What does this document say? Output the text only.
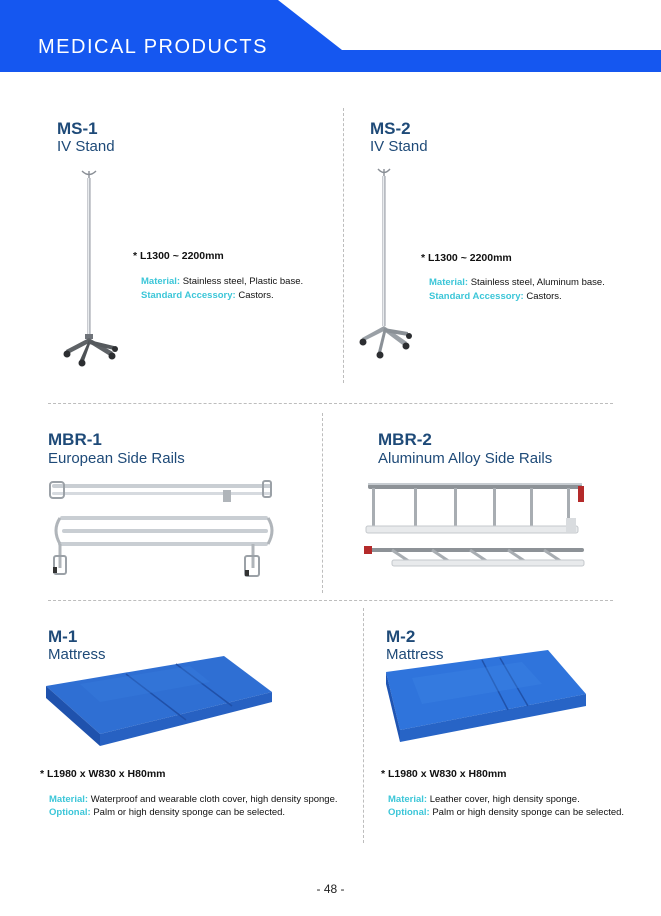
MEDICAL PRODUCTS
MS-1
IV Stand
* L1300 ~ 2200mm
Material: Stainless steel, Plastic base.
Standard Accessory: Castors.
MS-2
IV Stand
* L1300 ~ 2200mm
Material: Stainless steel, Aluminum base.
Standard Accessory: Castors.
MBR-1
European Side Rails
MBR-2
Aluminum Alloy Side Rails
M-1
Mattress
* L1980 x W830 x H80mm
Material: Waterproof and wearable cloth cover, high density sponge.
Optional: Palm or high density sponge can be selected.
M-2
Mattress
* L1980 x W830 x H80mm
Material: Leather cover, high density sponge.
Optional: Palm or high density sponge can be selected.
- 48 -
